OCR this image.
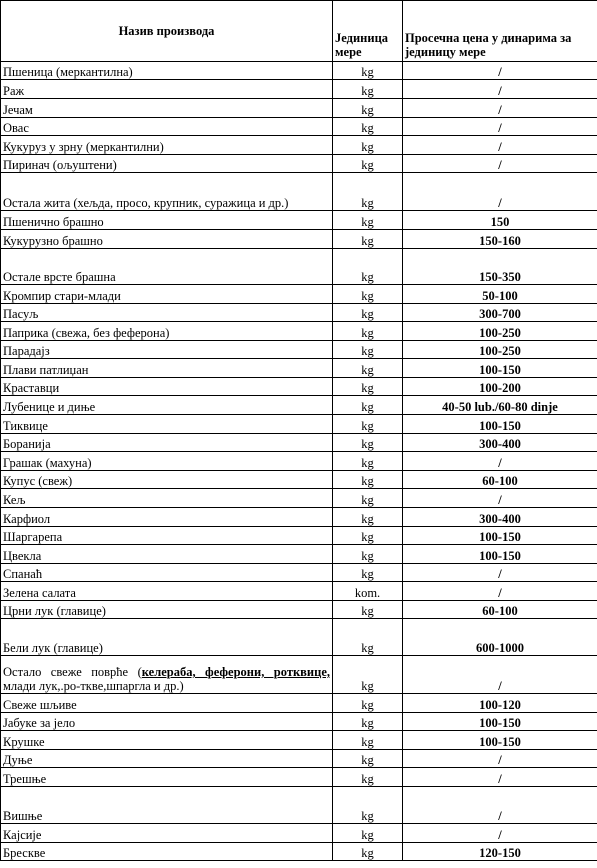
Назив производа	Јединица мере	Просечна цена у динарима за јединицу мере
Пшеница (меркантилна)	kg	/
Раж	kg	/
Јечам	kg	/
Овас	kg	/
Кукуруз у зрну (меркантилни)	kg	/
Пиринач (ољуштени)	kg	/
Остала жита (хељда, просо, крупник, суражица и др.)	kg	/
Пшенично брашно	kg	150
Кукурузно брашно	kg	150-160
Остале врсте брашна	kg	150-350
Кромпир стари-млади	kg	50-100
Пасуљ	kg	300-700
Паприка (свежа, без феферона)	kg	100-250
Парадајз	kg	100-250
Плави патлиџан	kg	100-150
Краставци	kg	100-200
Лубенице и диње	kg	40-50 lub./60-80 dinje
Тиквице	kg	100-150
Боранија	kg	300-400
Грашак (махуна)	kg	/
Купус (свеж)	kg	60-100
Кељ	kg	/
Карфиол	kg	300-400
Шаргарепа	kg	100-150
Цвекла	kg	100-150
Спанаћ	kg	/
Зелена салата	kom.	/
Црни лук (главице)	kg	60-100
Бели лук (главице)	kg	600-1000
Остало свеже поврће (келераба, феферони, ротквице, млади лук,.ро-ткве,шпаргла и др.)	kg	/
Свеже шљиве	kg	100-120
Јабуке за јело	kg	100-150
Крушке	kg	100-150
Дуње	kg	/
Трешње	kg	/
Вишње	kg	/
Кајсије	kg	/
Бресквe	kg	120-150
